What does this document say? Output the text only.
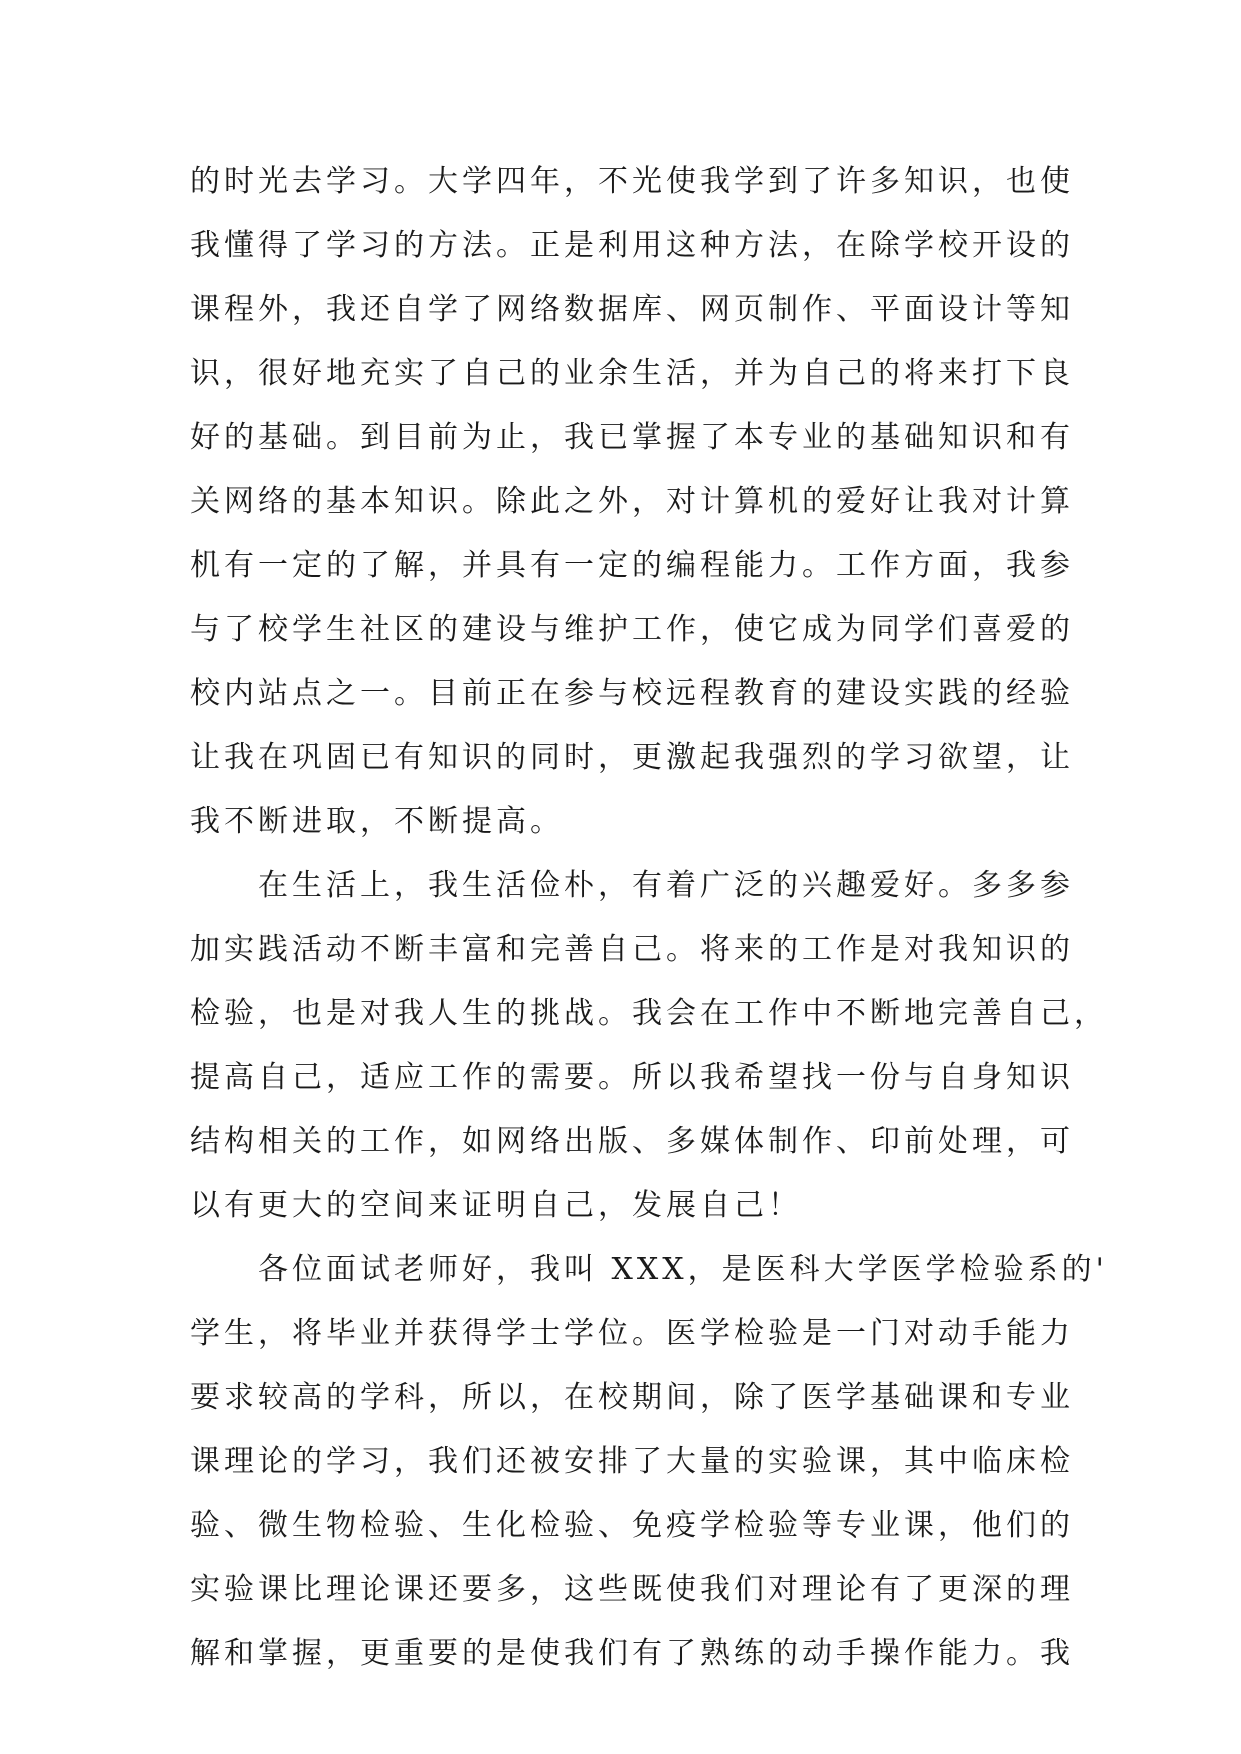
的时光去学习。大学四年，不光使我学到了许多知识，也使
我懂得了学习的方法。正是利用这种方法，在除学校开设的
课程外，我还自学了网络数据库、网页制作、平面设计等知
识，很好地充实了自己的业余生活，并为自己的将来打下良
好的基础。到目前为止，我已掌握了本专业的基础知识和有
关网络的基本知识。除此之外，对计算机的爱好让我对计算
机有一定的了解，并具有一定的编程能力。工作方面，我参
与了校学生社区的建设与维护工作，使它成为同学们喜爱的
校内站点之一。目前正在参与校远程教育的建设实践的经验
让我在巩固已有知识的同时，更激起我强烈的学习欲望，让
我不断进取，不断提高。
在生活上，我生活俭朴，有着广泛的兴趣爱好。多多参
加实践活动不断丰富和完善自己。将来的工作是对我知识的
检验，也是对我人生的挑战。我会在工作中不断地完善自己，
提高自己，适应工作的需要。所以我希望找一份与自身知识
结构相关的工作，如网络出版、多媒体制作、印前处理，可
以有更大的空间来证明自己，发展自己！
各位面试老师好，我叫 XXX，是医科大学医学检验系的'
学生，将毕业并获得学士学位。医学检验是一门对动手能力
要求较高的学科，所以，在校期间，除了医学基础课和专业
课理论的学习，我们还被安排了大量的实验课，其中临床检
验、微生物检验、生化检验、免疫学检验等专业课，他们的
实验课比理论课还要多，这些既使我们对理论有了更深的理
解和掌握，更重要的是使我们有了熟练的动手操作能力。我
